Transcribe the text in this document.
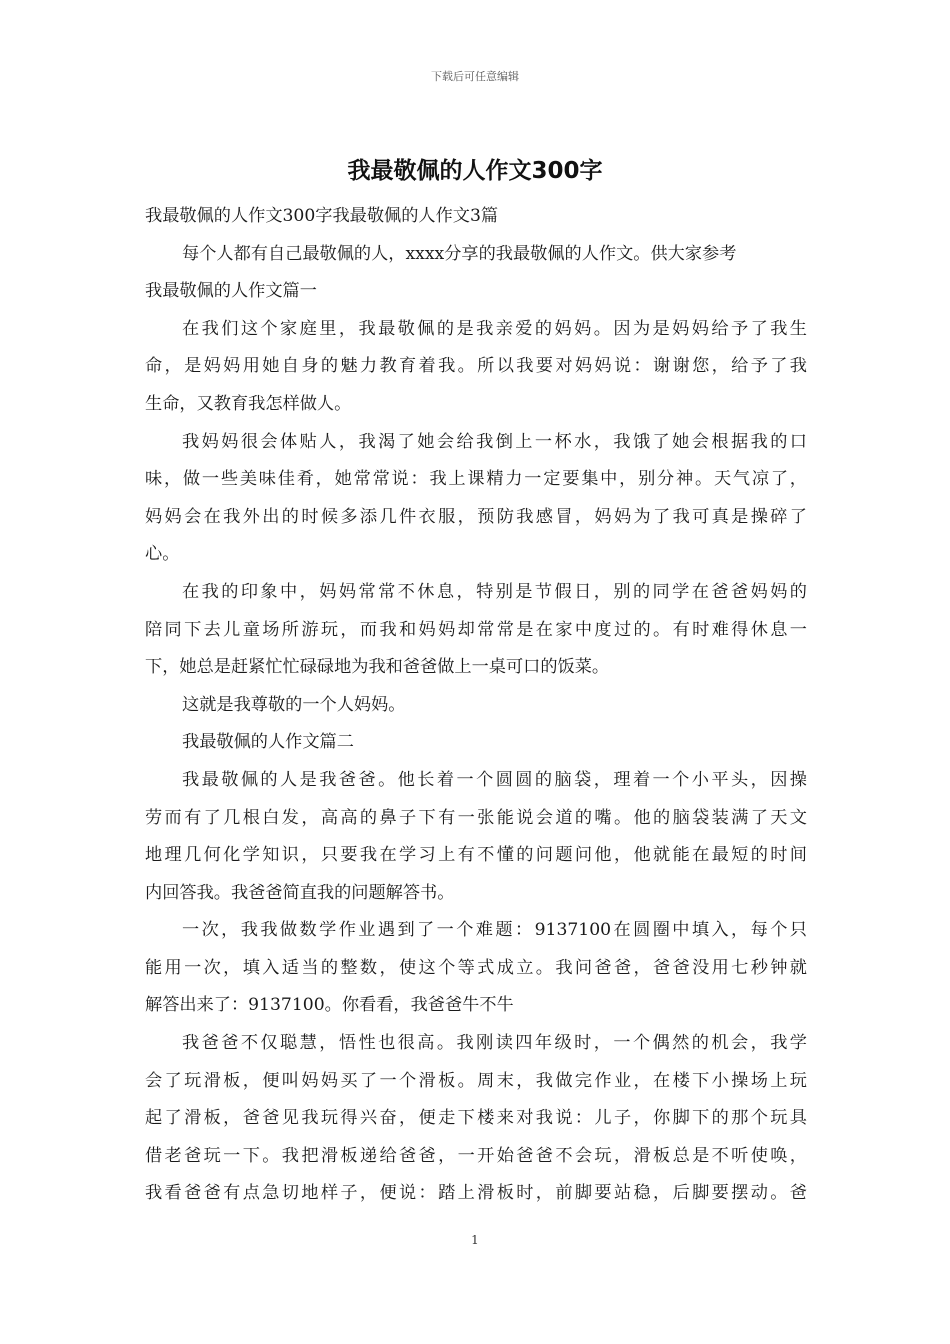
下载后可任意编辑
我最敬佩的人作文300字
我最敬佩的人作文300字我最敬佩的人作文3篇
每个人都有自己最敬佩的人，xxxx分享的我最敬佩的人作文。供大家参考
我最敬佩的人作文篇一
在我们这个家庭里，我最敬佩的是我亲爱的妈妈。因为是妈妈给予了我生
命，是妈妈用她自身的魅力教育着我。所以我要对妈妈说：谢谢您，给予了我
生命，又教育我怎样做人。
我妈妈很会体贴人，我渴了她会给我倒上一杯水，我饿了她会根据我的口
味，做一些美味佳肴，她常常说：我上课精力一定要集中，别分神。天气凉了，
妈妈会在我外出的时候多添几件衣服，预防我感冒，妈妈为了我可真是操碎了
心。
在我的印象中，妈妈常常不休息，特别是节假日，别的同学在爸爸妈妈的
陪同下去儿童场所游玩，而我和妈妈却常常是在家中度过的。有时难得休息一
下，她总是赶紧忙忙碌碌地为我和爸爸做上一桌可口的饭菜。
这就是我尊敬的一个人妈妈。
我最敬佩的人作文篇二
我最敬佩的人是我爸爸。他长着一个圆圆的脑袋，理着一个小平头，因操
劳而有了几根白发，高高的鼻子下有一张能说会道的嘴。他的脑袋装满了天文
地理几何化学知识，只要我在学习上有不懂的问题问他，他就能在最短的时间
内回答我。我爸爸简直我的问题解答书。
一次，我我做数学作业遇到了一个难题：9137100在圆圈中填入，每个只
能用一次，填入适当的整数，使这个等式成立。我问爸爸，爸爸没用七秒钟就
解答出来了：9137100。你看看，我爸爸牛不牛
我爸爸不仅聪慧，悟性也很高。我刚读四年级时，一个偶然的机会，我学
会了玩滑板，便叫妈妈买了一个滑板。周末，我做完作业，在楼下小操场上玩
起了滑板，爸爸见我玩得兴奋，便走下楼来对我说：儿子，你脚下的那个玩具
借老爸玩一下。我把滑板递给爸爸，一开始爸爸不会玩，滑板总是不听使唤，
我看爸爸有点急切地样子，便说：踏上滑板时，前脚要站稳，后脚要摆动。爸
1
